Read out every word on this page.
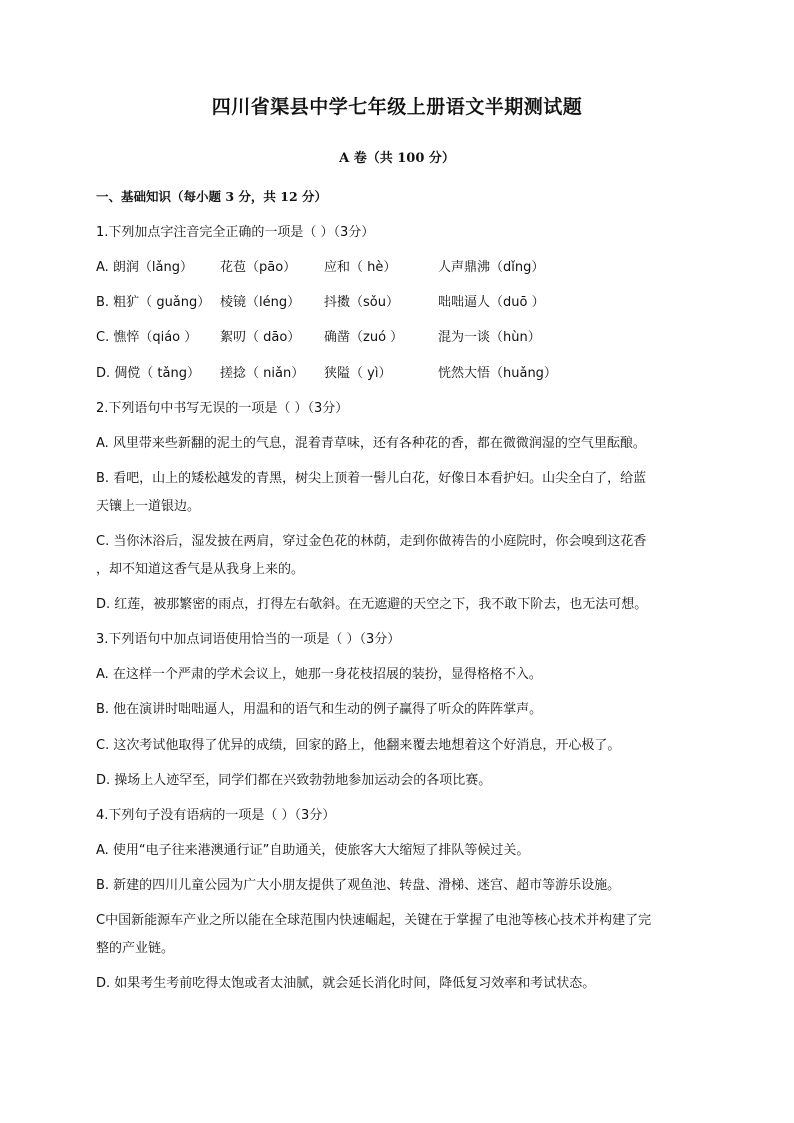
四川省渠县中学七年级上册语文半期测试题
A 卷（共 100 分）
一、基础知识（每小题 3 分，共 12 分）
1.下列加点字注音完全正确的一项是（ ）（3分）
A. 朗润（lǎng） 花苞（pāo） 应和（ hè）	人声鼎沸（dǐng）
B. 粗犷（ guǎng） 棱镜（léng） 抖擞（sǒu）	咄咄逼人（duō ）
C. 憔悴（qiáo ） 絮叨（ dāo） 确凿（zuó ）	混为一谈（hùn）
D. 倜傥（ tǎng） 搓捻（ niǎn） 狭隘（ yì）	恍然大悟（huǎng）
2.下列语句中书写无误的一项是（ ）（3分）
A. 风里带来些新翻的泥土的气息，混着青草味，还有各种花的香，都在微微润湿的空气里酝酿。
B. 看吧，山上的矮松越发的青黑，树尖上顶着一髻儿白花，好像日本看护妇。山尖全白了，给蓝
天镶上一道银边。
C. 当你沐浴后，湿发披在两肩，穿过金色花的林荫，走到你做祷告的小庭院时，你会嗅到这花香
，却不知道这香气是从我身上来的。
D. 红莲，被那繁密的雨点，打得左右欹斜。在无遮避的天空之下，我不敢下阶去，也无法可想。
3.下列语句中加点词语使用恰当的一项是（ ）（3分）
A. 在这样一个严肃的学术会议上，她那一身花枝招展的装扮，显得格格不入。
B. 他在演讲时咄咄逼人，用温和的语气和生动的例子赢得了听众的阵阵掌声。
C. 这次考试他取得了优异的成绩，回家的路上，他翻来覆去地想着这个好消息，开心极了。
D. 操场上人迹罕至，同学们都在兴致勃勃地参加运动会的各项比赛。
4.下列句子没有语病的一项是（ ）（3分）
A. 使用“电子往来港澳通行证”自助通关，使旅客大大缩短了排队等候过关。
B. 新建的四川儿童公园为广大小朋友提供了观鱼池、转盘、滑梯、迷宫、超市等游乐设施。
C中国新能源车产业之所以能在全球范围内快速崛起，关键在于掌握了电池等核心技术并构建了完
整的产业链。
D. 如果考生考前吃得太饱或者太油腻，就会延长消化时间，降低复习效率和考试状态。
